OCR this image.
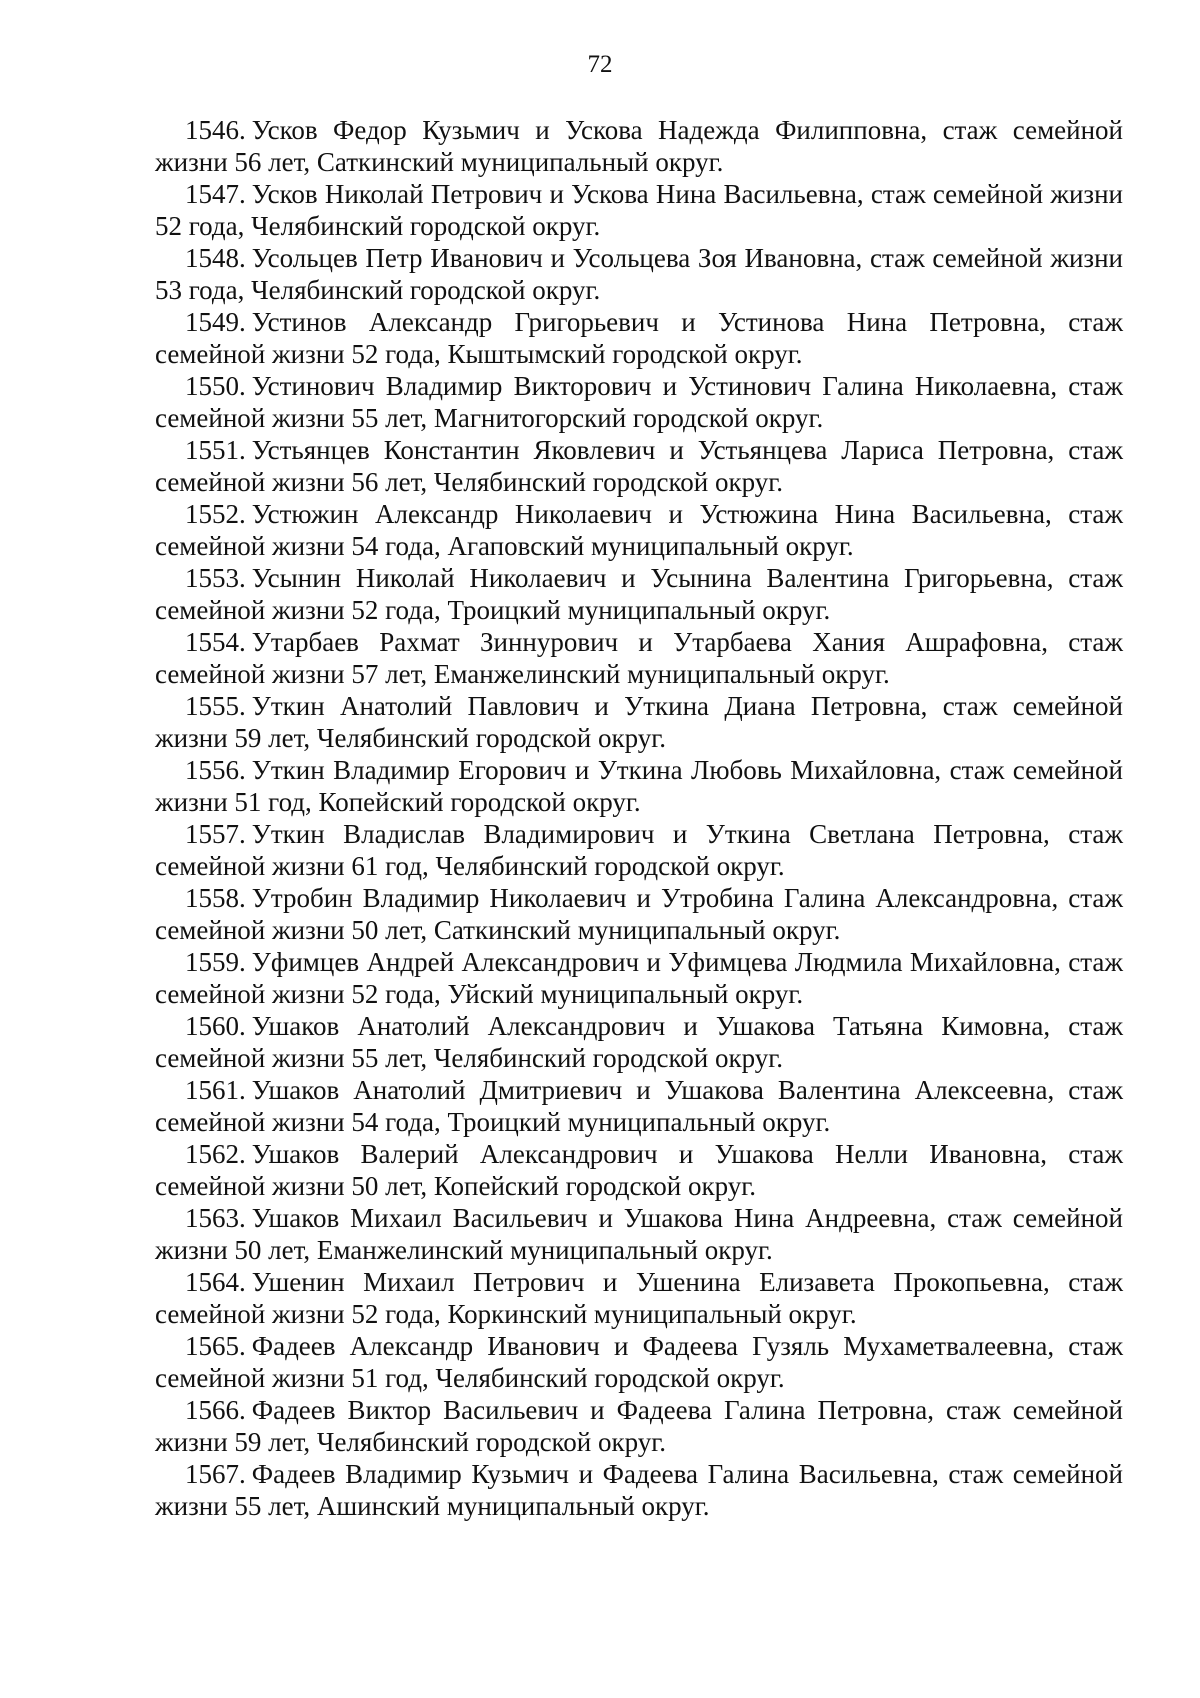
72

1546. Усков Федор Кузьмич и Ускова Надежда Филипповна, стаж семейной жизни 56 лет, Саткинский муниципальный округ.

1547. Усков Николай Петрович и Ускова Нина Васильевна, стаж семейной жизни 52 года, Челябинский городской округ.

1548. Усольцев Петр Иванович и Усольцева Зоя Ивановна, стаж семейной жизни 53 года, Челябинский городской округ.

1549. Устинов Александр Григорьевич и Устинова Нина Петровна, стаж семейной жизни 52 года, Кыштымский городской округ.

1550. Устинович Владимир Викторович и Устинович Галина Николаевна, стаж семейной жизни 55 лет, Магнитогорский городской округ.

1551. Устьянцев Константин Яковлевич и Устьянцева Лариса Петровна, стаж семейной жизни 56 лет, Челябинский городской округ.

1552. Устюжин Александр Николаевич и Устюжина Нина Васильевна, стаж семейной жизни 54 года, Агаповский муниципальный округ.

1553. Усынин Николай Николаевич и Усынина Валентина Григорьевна, стаж семейной жизни 52 года, Троицкий муниципальный округ.

1554. Утарбаев Рахмат Зиннурович и Утарбаева Хания Ашрафовна, стаж семейной жизни 57 лет, Еманжелинский муниципальный округ.

1555. Уткин Анатолий Павлович и Уткина Диана Петровна, стаж семейной жизни 59 лет, Челябинский городской округ.

1556. Уткин Владимир Егорович и Уткина Любовь Михайловна, стаж семейной жизни 51 год, Копейский городской округ.

1557. Уткин Владислав Владимирович и Уткина Светлана Петровна, стаж семейной жизни 61 год, Челябинский городской округ.

1558. Утробин Владимир Николаевич и Утробина Галина Александровна, стаж семейной жизни 50 лет, Саткинский муниципальный округ.

1559. Уфимцев Андрей Александрович и Уфимцева Людмила Михайловна, стаж семейной жизни 52 года, Уйский муниципальный округ.

1560. Ушаков Анатолий Александрович и Ушакова Татьяна Кимовна, стаж семейной жизни 55 лет, Челябинский городской округ.

1561. Ушаков Анатолий Дмитриевич и Ушакова Валентина Алексеевна, стаж семейной жизни 54 года, Троицкий муниципальный округ.

1562. Ушаков Валерий Александрович и Ушакова Нелли Ивановна, стаж семейной жизни 50 лет, Копейский городской округ.

1563. Ушаков Михаил Васильевич и Ушакова Нина Андреевна, стаж семейной жизни 50 лет, Еманжелинский муниципальный округ.

1564. Ушенин Михаил Петрович и Ушенина Елизавета Прокопьевна, стаж семейной жизни 52 года, Коркинский муниципальный округ.

1565. Фадеев Александр Иванович и Фадеева Гузяль Мухаметвалеевна, стаж семейной жизни 51 год, Челябинский городской округ.

1566. Фадеев Виктор Васильевич и Фадеева Галина Петровна, стаж семейной жизни 59 лет, Челябинский городской округ.

1567. Фадеев Владимир Кузьмич и Фадеева Галина Васильевна, стаж семейной жизни 55 лет, Ашинский муниципальный округ.
